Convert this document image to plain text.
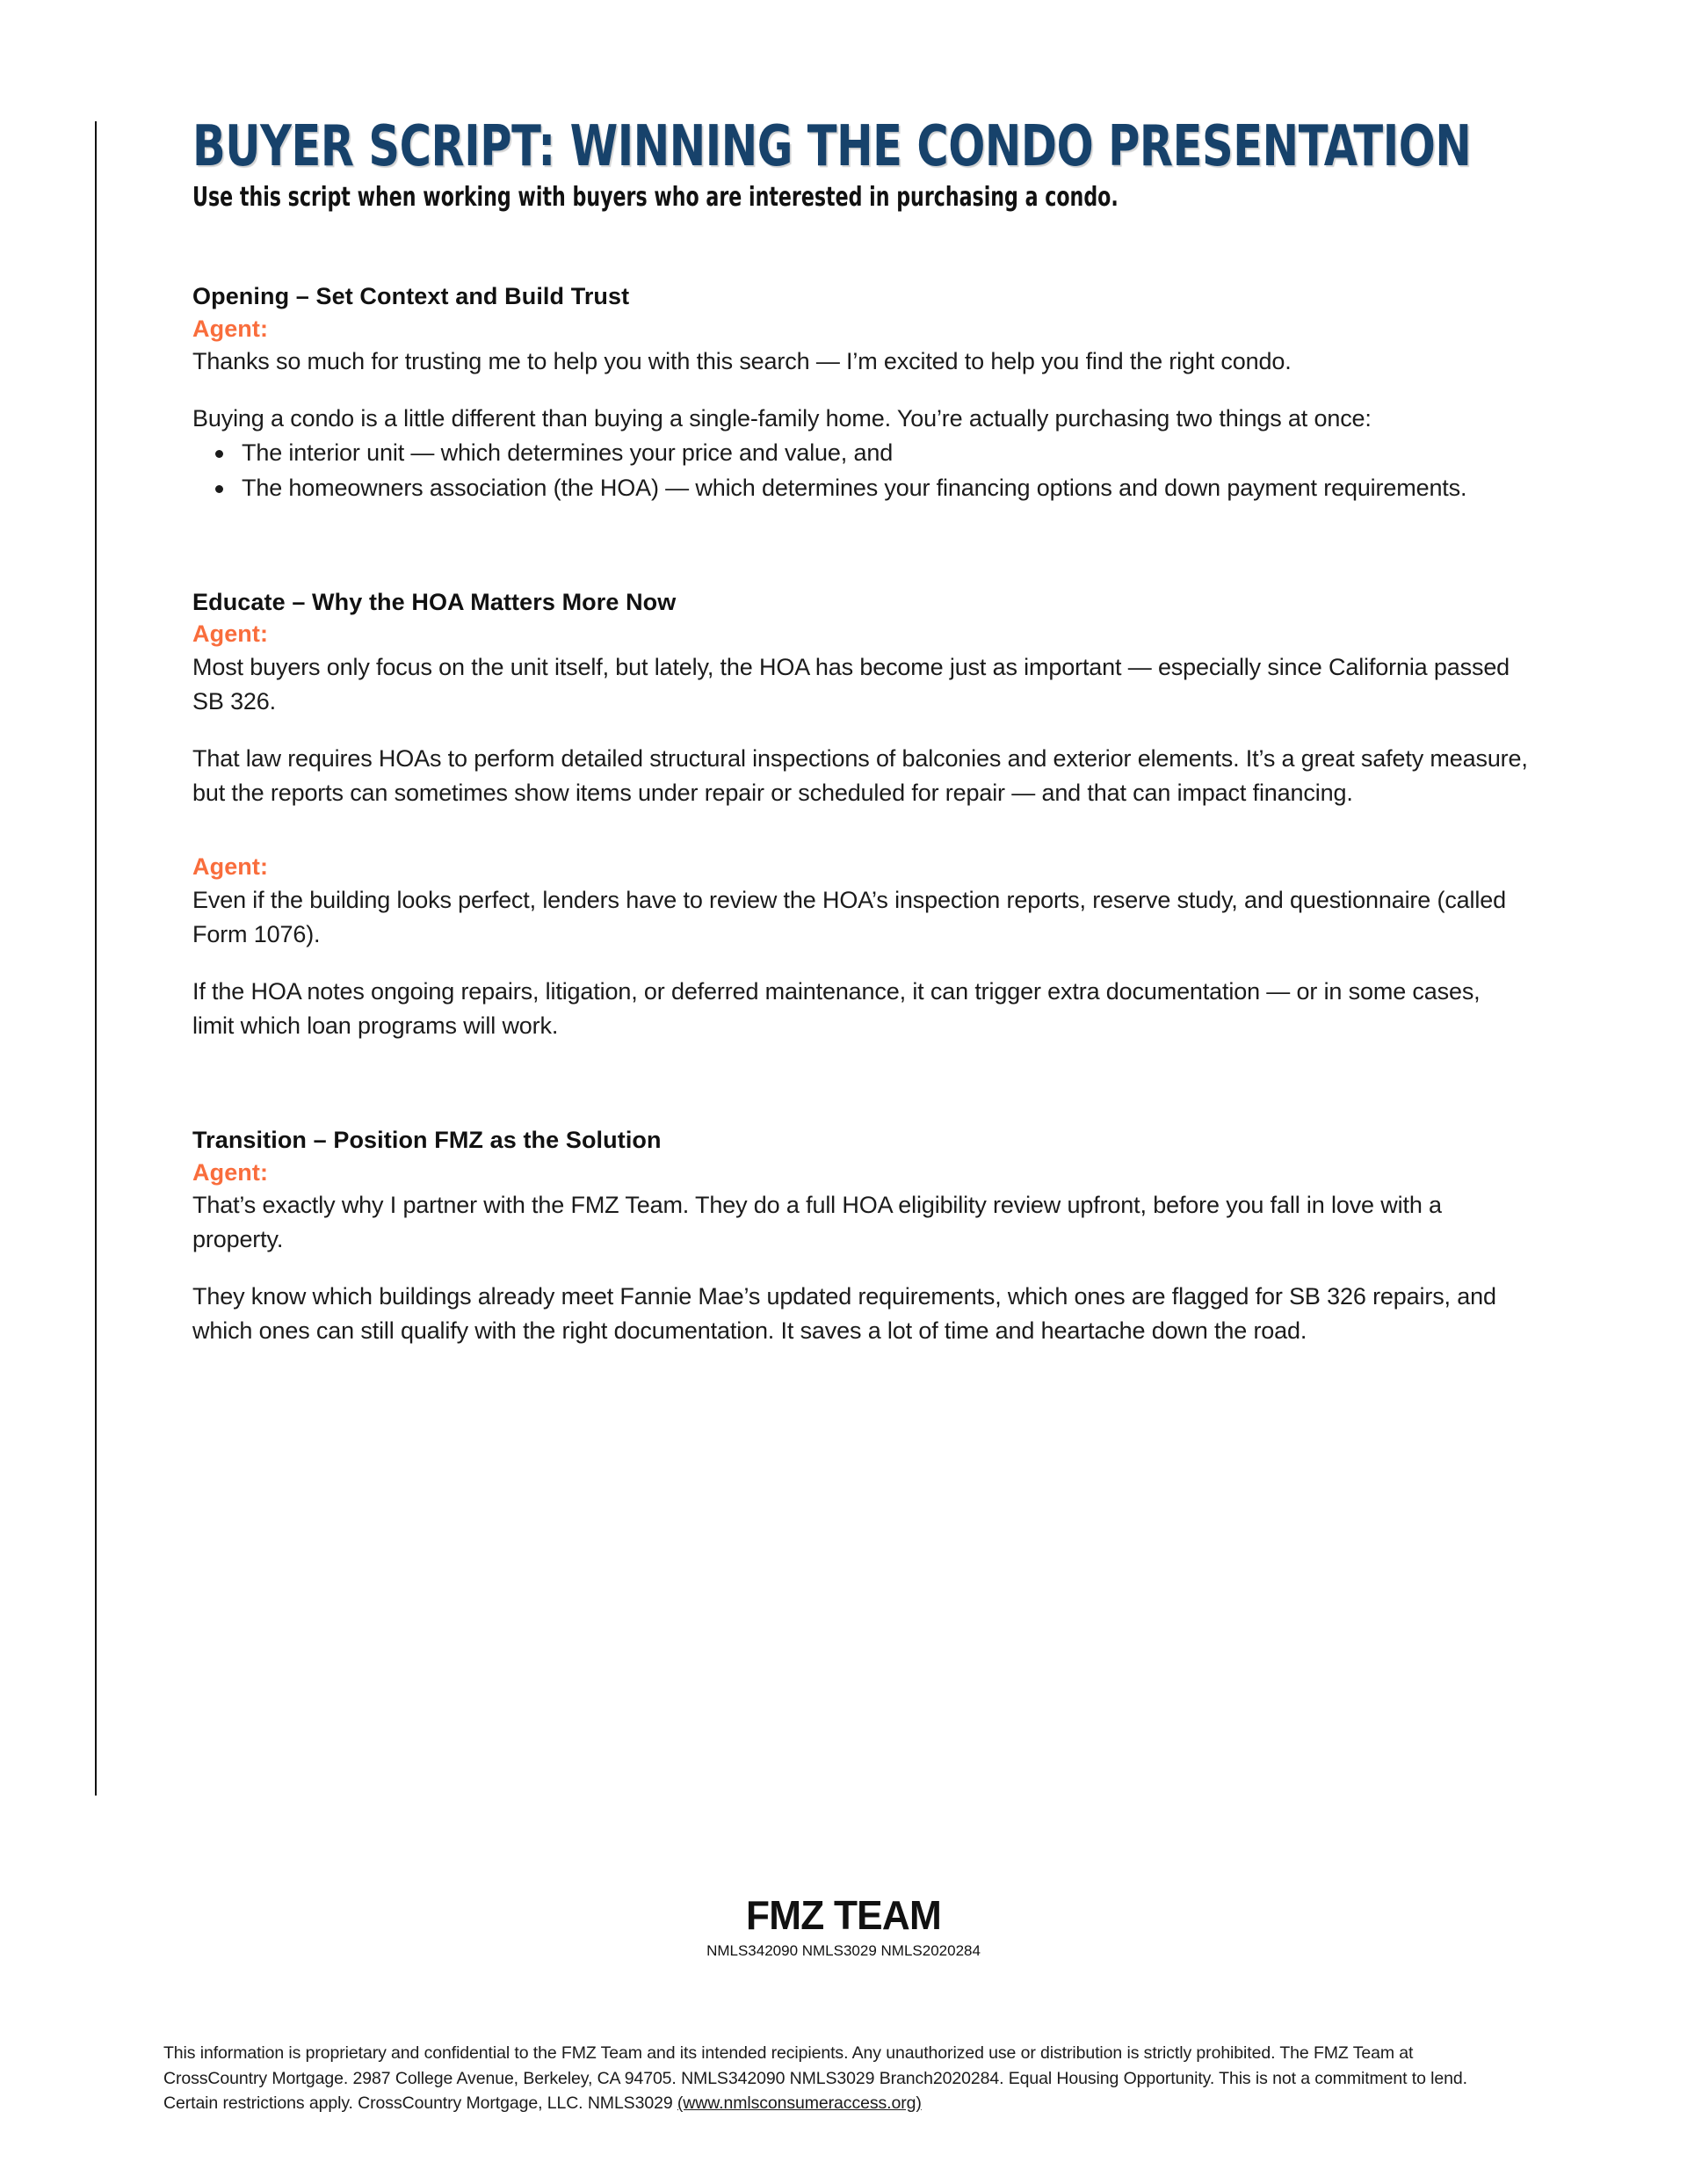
BUYER SCRIPT: WINNING THE CONDO PRESENTATION
Use this script when working with buyers who are interested in purchasing a condo.
Opening – Set Context and Build Trust
Agent:
Thanks so much for trusting me to help you with this search — I’m excited to help you find the right condo.
Buying a condo is a little different than buying a single-family home. You’re actually purchasing two things at once:
The interior unit — which determines your price and value, and
The homeowners association (the HOA) — which determines your financing options and down payment requirements.
Educate – Why the HOA Matters More Now
Agent:
Most buyers only focus on the unit itself, but lately, the HOA has become just as important — especially since California passed SB 326.
That law requires HOAs to perform detailed structural inspections of balconies and exterior elements. It’s a great safety measure, but the reports can sometimes show items under repair or scheduled for repair — and that can impact financing.
Agent:
Even if the building looks perfect, lenders have to review the HOA’s inspection reports, reserve study, and questionnaire (called Form 1076).
If the HOA notes ongoing repairs, litigation, or deferred maintenance, it can trigger extra documentation — or in some cases, limit which loan programs will work.
Transition – Position FMZ as the Solution
Agent:
That’s exactly why I partner with the FMZ Team. They do a full HOA eligibility review upfront, before you fall in love with a property.
They know which buildings already meet Fannie Mae’s updated requirements, which ones are flagged for SB 326 repairs, and which ones can still qualify with the right documentation. It saves a lot of time and heartache down the road.
FMZ TEAM
NMLS342090 NMLS3029 NMLS2020284
This information is proprietary and confidential to the FMZ Team and its intended recipients. Any unauthorized use or distribution is strictly prohibited. The FMZ Team at CrossCountry Mortgage. 2987 College Avenue, Berkeley, CA 94705. NMLS342090 NMLS3029 Branch2020284. Equal Housing Opportunity. This is not a commitment to lend. Certain restrictions apply. CrossCountry Mortgage, LLC. NMLS3029 (www.nmlsconsumeraccess.org)
